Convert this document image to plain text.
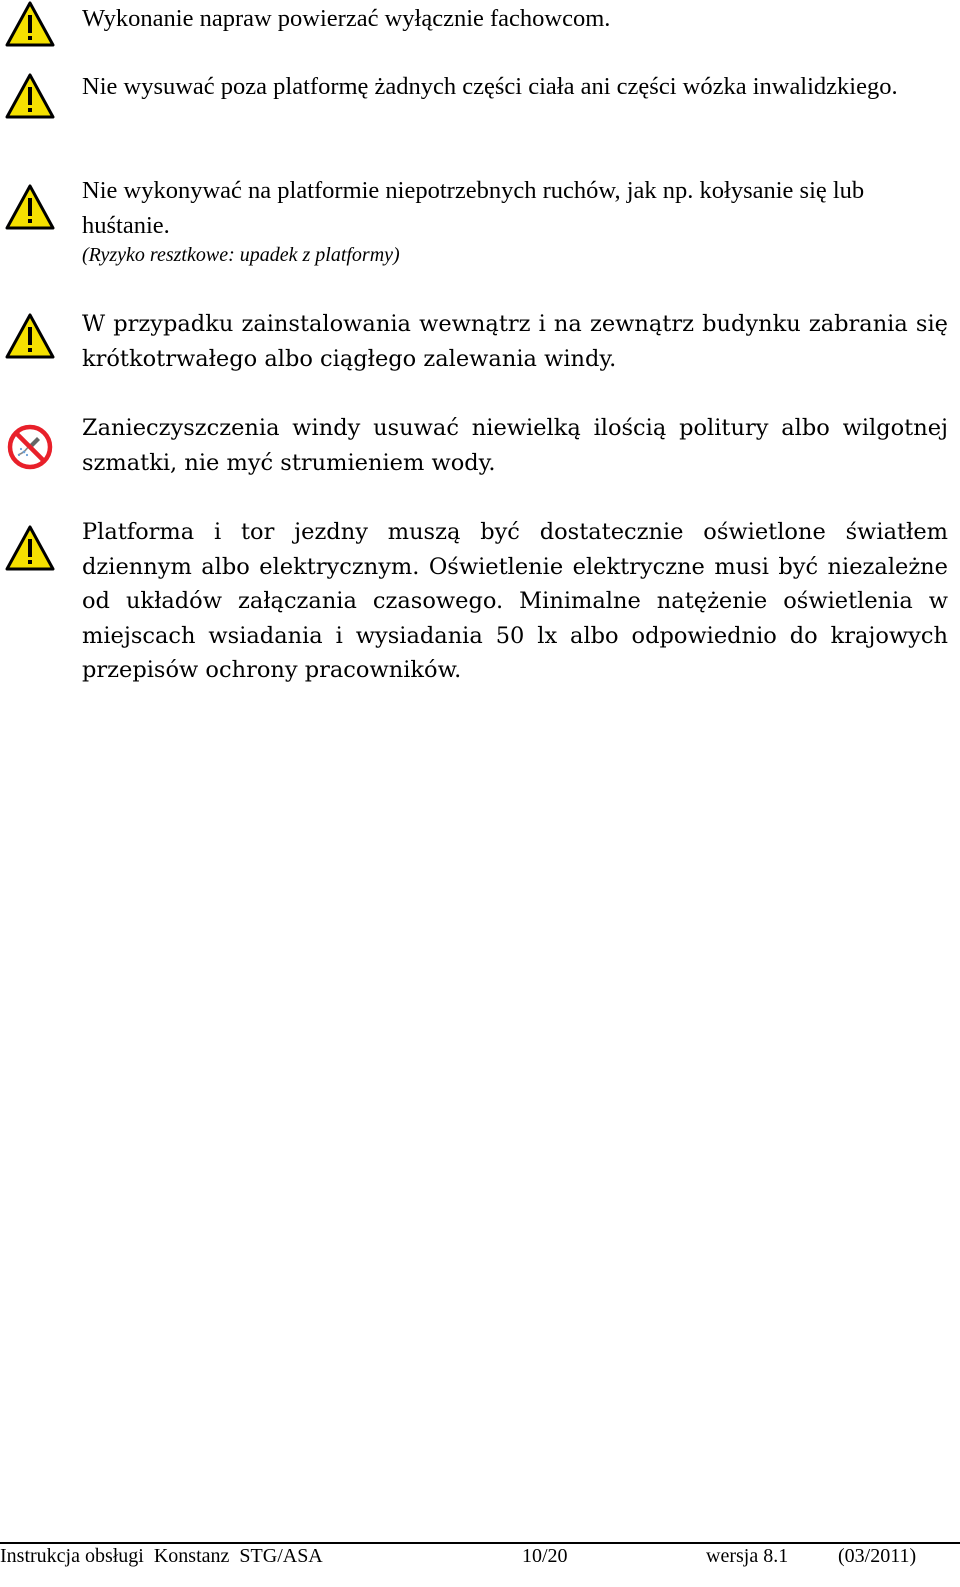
Wykonanie napraw powierzać wyłącznie fachowcom.
Nie wysuwać poza platformę żadnych części ciała ani części wózka inwalidzkiego.
Nie wykonywać na platformie niepotrzebnych ruchów, jak np. kołysanie się lub huśtanie.
(Ryzyko resztkowe: upadek z platformy)
W przypadku zainstalowania wewnątrz i na zewnątrz budynku zabrania się krótkotrwałego albo ciągłego zalewania windy.
Zanieczyszczenia windy usuwać niewielką ilością politury albo wilgotnej szmatki, nie myć strumieniem wody.
Platforma i tor jezdny muszą być dostatecznie oświetlone światłem dziennym albo elektrycznym. Oświetlenie elektryczne musi być niezależne od układów załączania czasowego. Minimalne natężenie oświetlenia w miejscach wsiadania i wysiadania 50 lx albo odpowiednio do krajowych przepisów ochrony pracowników.
Instrukcja obsługi  Konstanz  STG/ASA	10/20	wersja 8.1 (03/2011)
